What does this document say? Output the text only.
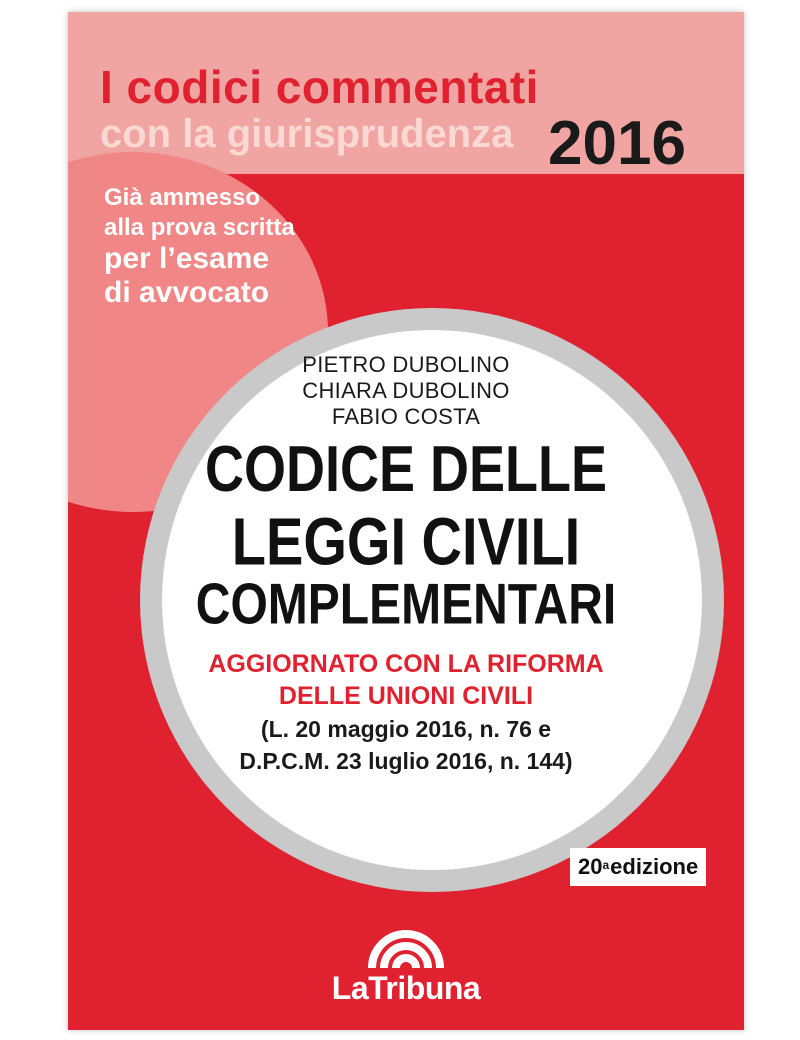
I codici commentati

con la giurisprudenza 2016

Già ammesso

alla prova scritta

per l’esame

di avvocato

PIETRO DUBOLINO

CHIARA DUBOLINO

FABIO COSTA

CODICE DELLE

LEGGI CIVILI

COMPLEMENTARI

AGGIORNATO CON LA RIFORMA

DELLE UNIONI CIVILI

(L. 20 maggio 2016, n. 76 e

D.P.C.M. 23 luglio 2016, n. 144)

20$^a$ edizione

LaTribuna
